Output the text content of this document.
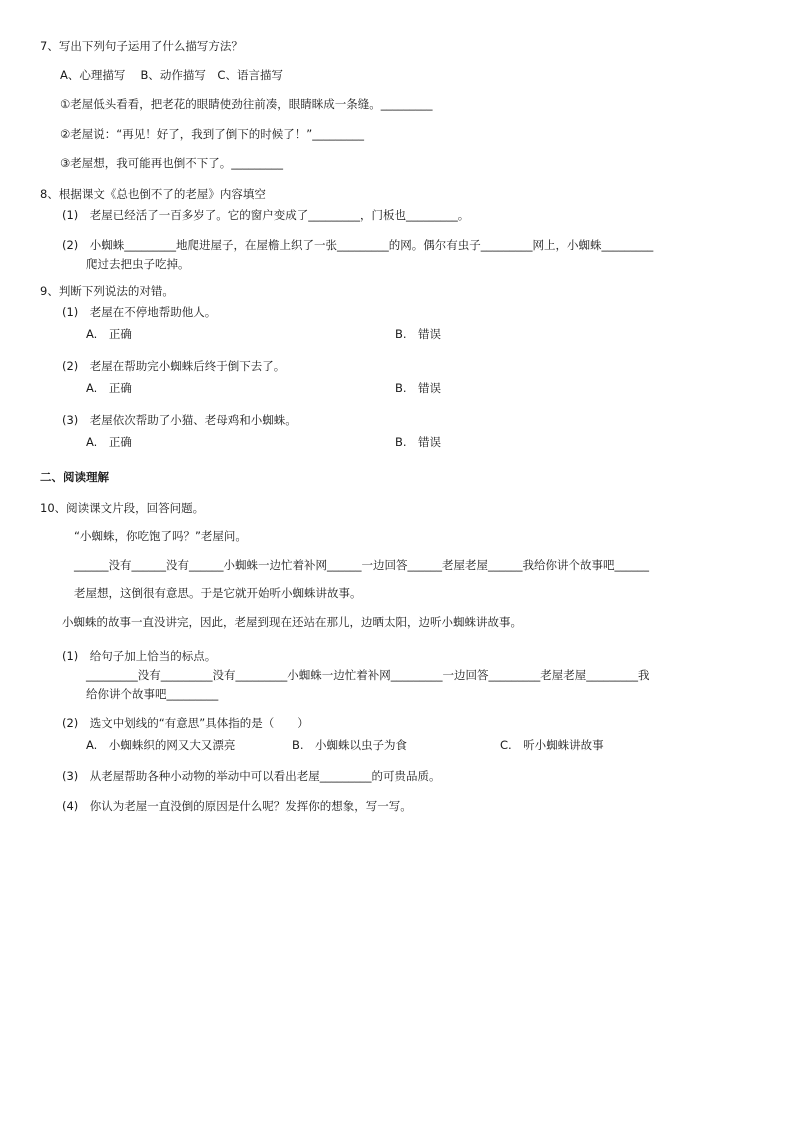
7、写出下列句子运用了什么描写方法？
A、心理描写　 B、动作描写　C、语言描写
①老屋低头看看，把老花的眼睛使劲往前凑，眼睛眯成一条缝。_________
②老屋说：“再见！好了，我到了倒下的时候了！”_________
③老屋想，我可能再也倒不下了。_________
8、根据课文《总也倒不了的老屋》内容填空
(1)　老屋已经活了一百多岁了。它的窗户变成了_________，门板也_________。
(2)　小蜘蛛_________地爬进屋子，在屋檐上织了一张_________的网。偶尔有虫子_________网上，小蜘蛛_________
爬过去把虫子吃掉。
9、判断下列说法的对错。
(1)　老屋在不停地帮助他人。
A.　正确	B.　错误
(2)　老屋在帮助完小蜘蛛后终于倒下去了。
A.　正确	B.　错误
(3)　老屋依次帮助了小猫、老母鸡和小蜘蛛。
A.　正确	B.　错误
二、阅读理解
10、阅读课文片段，回答问题。
“小蜘蛛，你吃饱了吗？”老屋问。
______没有______没有______小蜘蛛一边忙着补网______一边回答______老屋老屋______我给你讲个故事吧______
老屋想，这倒很有意思。于是它就开始听小蜘蛛讲故事。
小蜘蛛的故事一直没讲完，因此，老屋到现在还站在那儿，边晒太阳，边听小蜘蛛讲故事。
(1)　给句子加上恰当的标点。
_________没有_________没有_________小蜘蛛一边忙着补网_________一边回答_________老屋老屋_________我
给你讲个故事吧_________
(2)　选文中划线的“有意思”具体指的是（　　）
A.　小蜘蛛织的网又大又漂亮	B.　小蜘蛛以虫子为食	C.　听小蜘蛛讲故事
(3)　从老屋帮助各种小动物的举动中可以看出老屋_________的可贵品质。
(4)　你认为老屋一直没倒的原因是什么呢？发挥你的想象，写一写。
